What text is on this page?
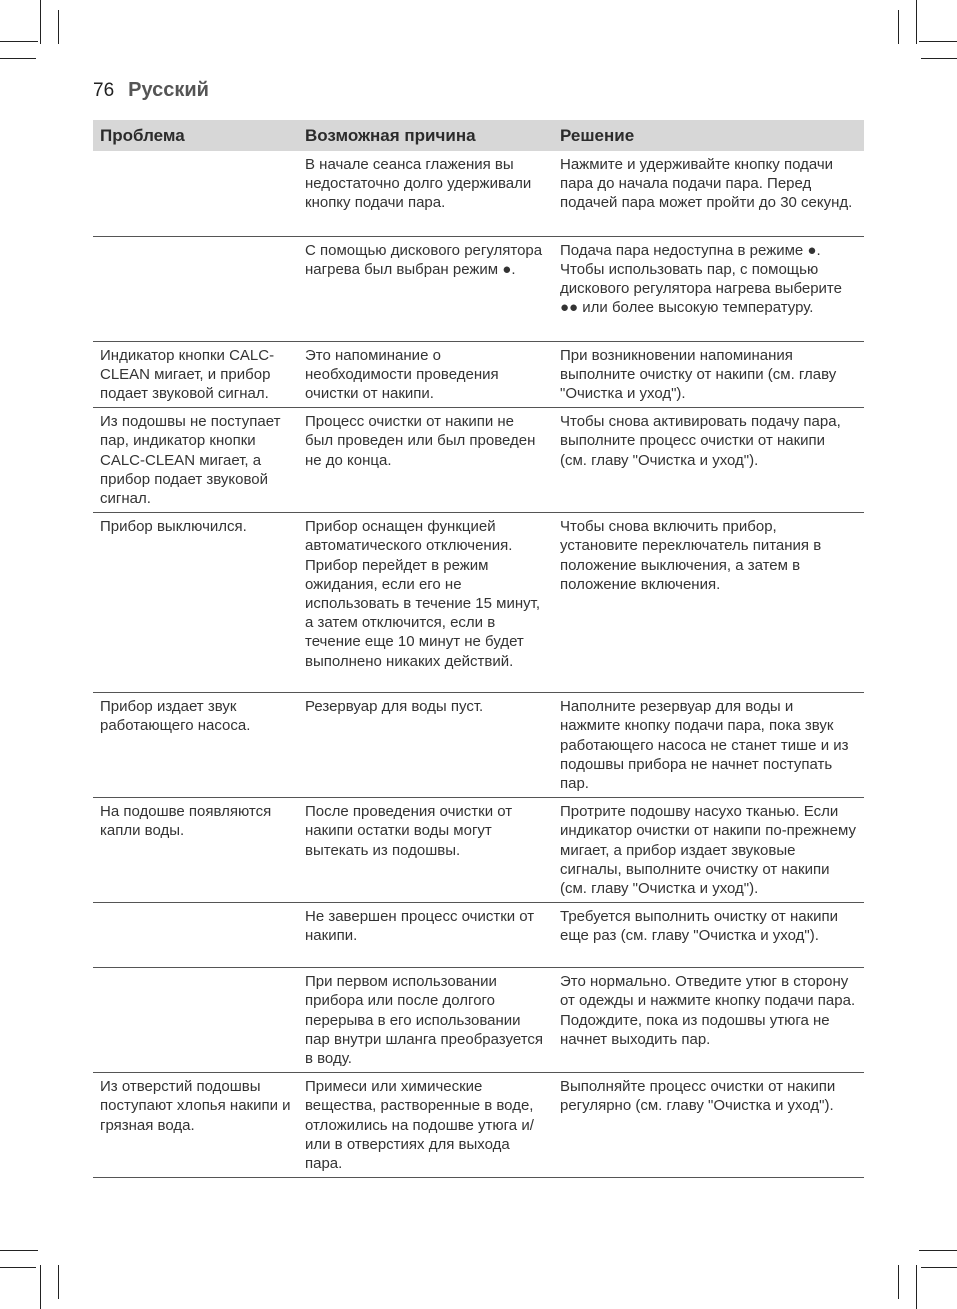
76 Русский
Проблема	Возможная причина	Решение
	В начале сеанса глажения вы недостаточно долго удерживали кнопку подачи пара.	Нажмите и удерживайте кнопку подачи пара до начала подачи пара. Перед подачей пара может пройти до 30 секунд.
	С помощью дискового регулятора нагрева был выбран режим ●.	Подача пара недоступна в режиме ●. Чтобы использовать пар, с помощью дискового регулятора нагрева выберите ●● или более высокую температуру.
Индикатор кнопки CALC-CLEAN мигает, и прибор подает звуковой сигнал.	Это напоминание о необходимости проведения очистки от накипи.	При возникновении напоминания выполните очистку от накипи (см. главу "Очистка и уход").
Из подошвы не поступает пар, индикатор кнопки CALC-CLEAN мигает, а прибор подает звуковой сигнал.	Процесс очистки от накипи не был проведен или был проведен не до конца.	Чтобы снова активировать подачу пара, выполните процесс очистки от накипи (см. главу "Очистка и уход").
Прибор выключился.	Прибор оснащен функцией автоматического отключения. Прибор перейдет в режим ожидания, если его не использовать в течение 15 минут, а затем отключится, если в течение еще 10 минут не будет выполнено никаких действий.	Чтобы снова включить прибор, установите переключатель питания в положение выключения, а затем в положение включения.
Прибор издает звук работающего насоса.	Резервуар для воды пуст.	Наполните резервуар для воды и нажмите кнопку подачи пара, пока звук работающего насоса не станет тише и из подошвы прибора не начнет поступать пар.
На подошве появляются капли воды.	После проведения очистки от накипи остатки воды могут вытекать из подошвы.	Протрите подошву насухо тканью. Если индикатор очистки от накипи по-прежнему мигает, а прибор издает звуковые сигналы, выполните очистку от накипи (см. главу "Очистка и уход").
	Не завершен процесс очистки от накипи.	Требуется выполнить очистку от накипи еще раз (см. главу "Очистка и уход").
	При первом использовании прибора или после долгого перерыва в его использовании пар внутри шланга преобразуется в воду.	Это нормально. Отведите утюг в сторону от одежды и нажмите кнопку подачи пара. Подождите, пока из подошвы утюга не начнет выходить пар.
Из отверстий подошвы поступают хлопья накипи и грязная вода.	Примеси или химические вещества, растворенные в воде, отложились на подошве утюга и/или в отверстиях для выхода пара.	Выполняйте процесс очистки от накипи регулярно (см. главу "Очистка и уход").
